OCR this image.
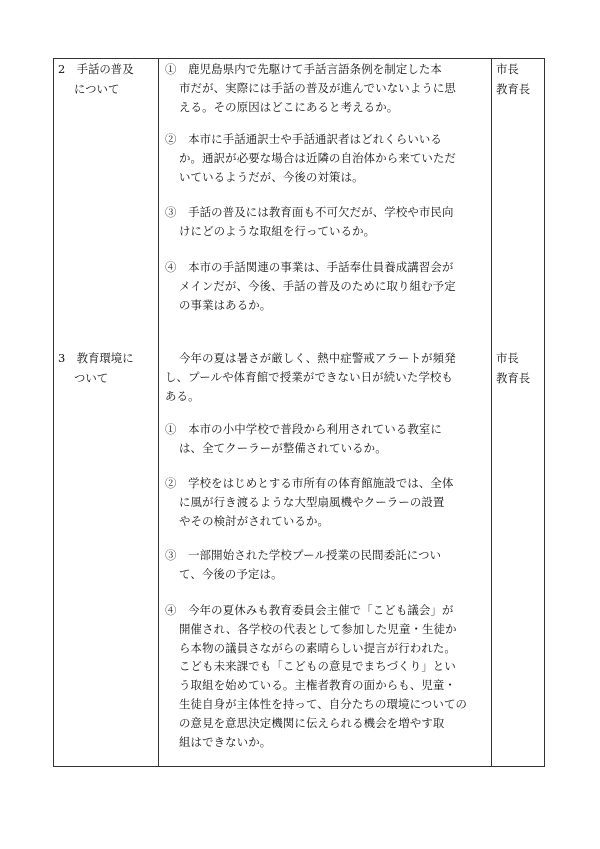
2　手話の普及
について
市長
教育長
①　鹿児島県内で先駆けて手話言語条例を制定した本
市だが、実際には手話の普及が進んでいないように思
える。その原因はどこにあると考えるか。
②　本市に手話通訳士や手話通訳者はどれくらいいる
か。通訳が必要な場合は近隣の自治体から来ていただ
いているようだが、今後の対策は。
③　手話の普及には教育面も不可欠だが、学校や市民向
けにどのような取組を行っているか。
④　本市の手話関連の事業は、手話奉仕員養成講習会が
メインだが、今後、手話の普及のために取り組む予定
の事業はあるか。
3　教育環境に
ついて
市長
教育長
今年の夏は暑さが厳しく、熱中症警戒アラートが頻発
し、プールや体育館で授業ができない日が続いた学校も
ある。
①　本市の小中学校で普段から利用されている教室に
は、全てクーラーが整備されているか。
②　学校をはじめとする市所有の体育館施設では、全体
に風が行き渡るような大型扇風機やクーラーの設置
やその検討がされているか。
③　一部開始された学校プール授業の民間委託につい
て、今後の予定は。
④　今年の夏休みも教育委員会主催で「こども議会」が
開催され、各学校の代表として参加した児童・生徒か
ら本物の議員さながらの素晴らしい提言が行われた。
こども未来課でも「こどもの意見でまちづくり」とい
う取組を始めている。主権者教育の面からも、児童・
生徒自身が主体性を持って、自分たちの環境についての
の意見を意思決定機関に伝えられる機会を増やす取
組はできないか。
